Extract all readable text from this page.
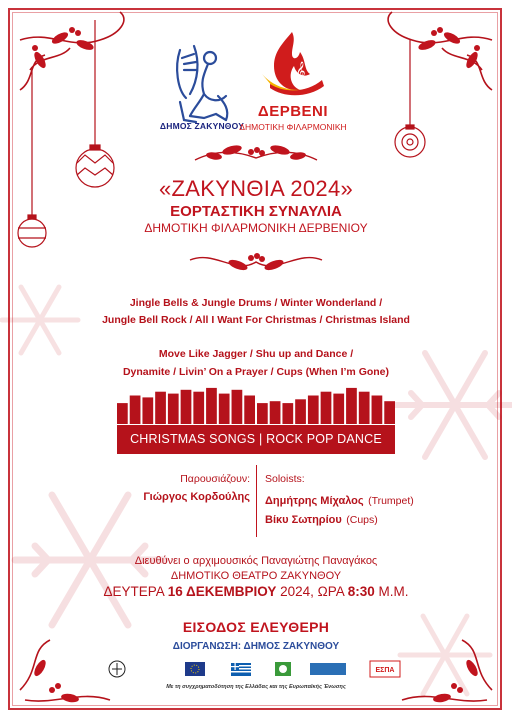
ΔΗΜΟΣ ΖΑΚΥΝΘΟΥ
𝄞
ΔΕΡΒΕΝΙ
ΔΗΜΟΤΙΚΗ ΦΙΛΑΡΜΟΝΙΚΗ
«ΖΑΚΥΝΘΙΑ 2024»
ΕΟΡΤΑΣΤΙΚΗ ΣΥΝΑΥΛΙΑ
ΔΗΜΟΤΙΚΗ ΦΙΛΑΡΜΟΝΙΚΗ ΔΕΡΒΕΝΙΟΥ
Jingle Bells & Jungle Drums / Winter Wonderland /
Jungle Bell Rock / All I Want For Christmas / Christmas Island
Move Like Jagger / Shu up and Dance /
Dynamite / Livin’ On a Prayer / Cups (When I’m Gone)
CHRISTMAS SONGS | ROCK POP DANCE
Παρουσιάζουν:
Γιώργος Κορδούλης
Soloists:
Δημήτρης Μίχαλος (Trumpet)
Βίκυ Σωτηρίου (Cups)
Διευθύνει ο αρχιμουσικός Παναγιώτης Παναγάκος
ΔΗΜΟΤΙΚΟ ΘΕΑΤΡΟ ΖΑΚΥΝΘΟΥ
ΔΕΥΤΕΡΑ 16 ΔΕΚΕΜΒΡΙΟΥ 2024, ΩΡΑ 8:30 Μ.Μ.
ΕΙΣΟΔΟΣ ΕΛΕΥΘΕΡΗ
ΔΙΟΡΓΑΝΩΣΗ: ΔΗΜΟΣ ΖΑΚΥΝΘΟΥ
ΕΣΠΑ
Με τη συγχρηματοδότηση της Ελλάδας και της Ευρωπαϊκής Ένωσης
